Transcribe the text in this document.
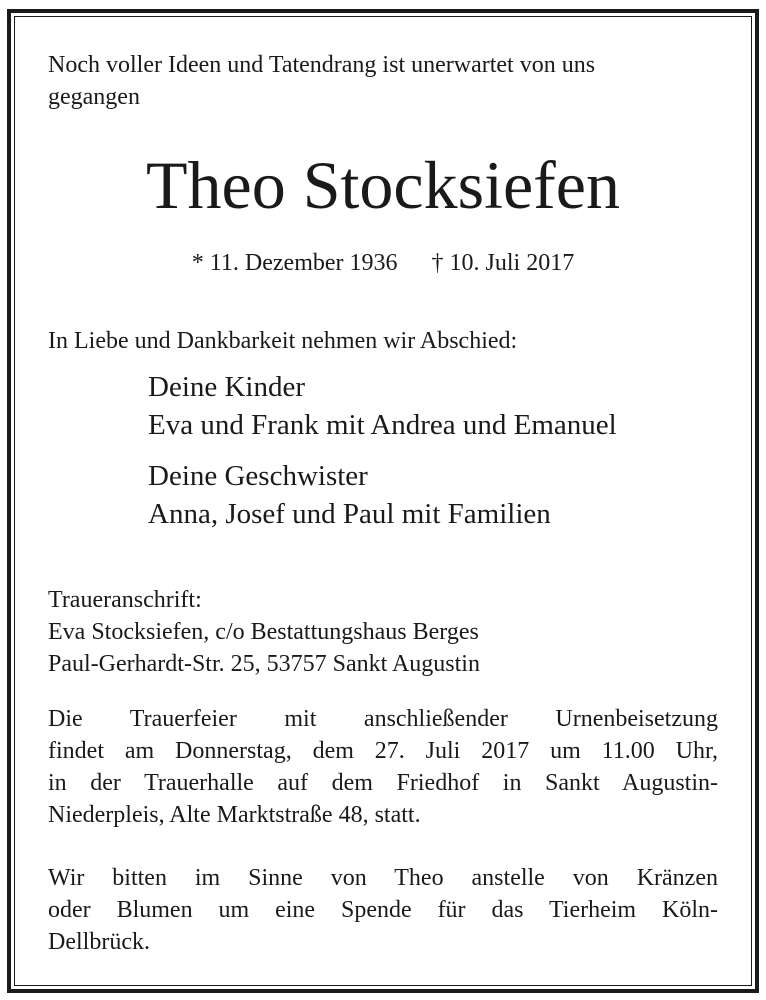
Noch voller Ideen und Tatendrang ist unerwartet von uns
gegangen

Theo Stocksiefen
* 11. Dezember 1936 † 10. Juli 2017

In Liebe und Dankbarkeit nehmen wir Abschied:

Deine Kinder
Eva und Frank mit Andrea und Emanuel
Deine Geschwister
Anna, Josef und Paul mit Familien

Traueranschrift:
Eva Stocksiefen, c/o Bestattungshaus Berges
Paul-Gerhardt-Str. 25, 53757 Sankt Augustin

Die Trauerfeier mit anschließender Urnenbeisetzung
findet am Donnerstag, dem 27. Juli 2017 um 11.00 Uhr,
in der Trauerhalle auf dem Friedhof in Sankt Augustin-
Niederpleis, Alte Marktstraße 48, statt.

Wir bitten im Sinne von Theo anstelle von Kränzen
oder Blumen um eine Spende für das Tierheim Köln-
Dellbrück.
